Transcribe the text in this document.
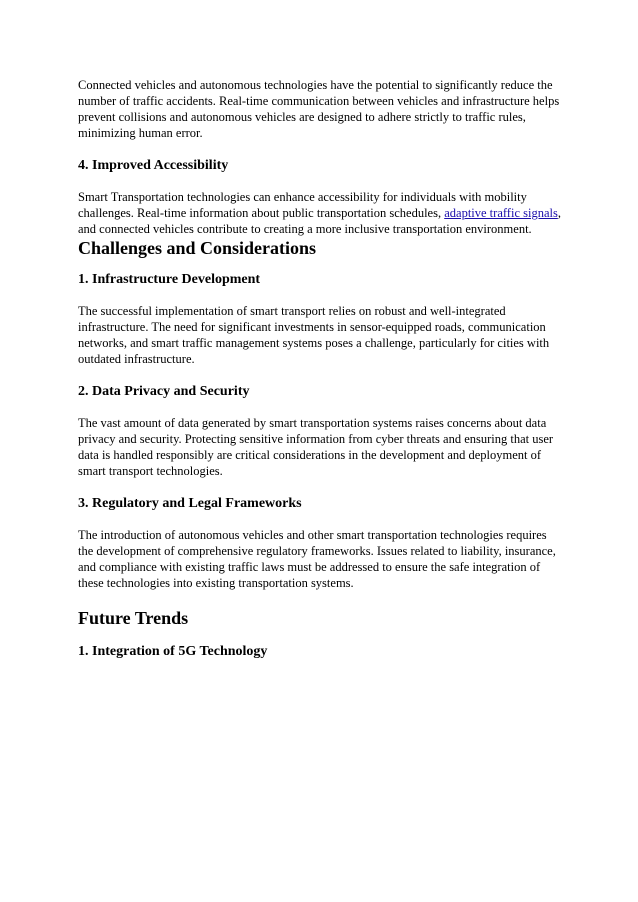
Connected vehicles and autonomous technologies have the potential to significantly reduce the number of traffic accidents. Real-time communication between vehicles and infrastructure helps prevent collisions and autonomous vehicles are designed to adhere strictly to traffic rules, minimizing human error.

4. Improved Accessibility

Smart Transportation technologies can enhance accessibility for individuals with mobility challenges. Real-time information about public transportation schedules, adaptive traffic signals, and connected vehicles contribute to creating a more inclusive transportation environment.

Challenges and Considerations
1. Infrastructure Development

The successful implementation of smart transport relies on robust and well-integrated infrastructure. The need for significant investments in sensor-equipped roads, communication networks, and smart traffic management systems poses a challenge, particularly for cities with outdated infrastructure.

2. Data Privacy and Security

The vast amount of data generated by smart transportation systems raises concerns about data privacy and security. Protecting sensitive information from cyber threats and ensuring that user data is handled responsibly are critical considerations in the development and deployment of smart transport technologies.

3. Regulatory and Legal Frameworks

The introduction of autonomous vehicles and other smart transportation technologies requires the development of comprehensive regulatory frameworks. Issues related to liability, insurance, and compliance with existing traffic laws must be addressed to ensure the safe integration of these technologies into existing transportation systems.

Future Trends
1. Integration of 5G Technology
